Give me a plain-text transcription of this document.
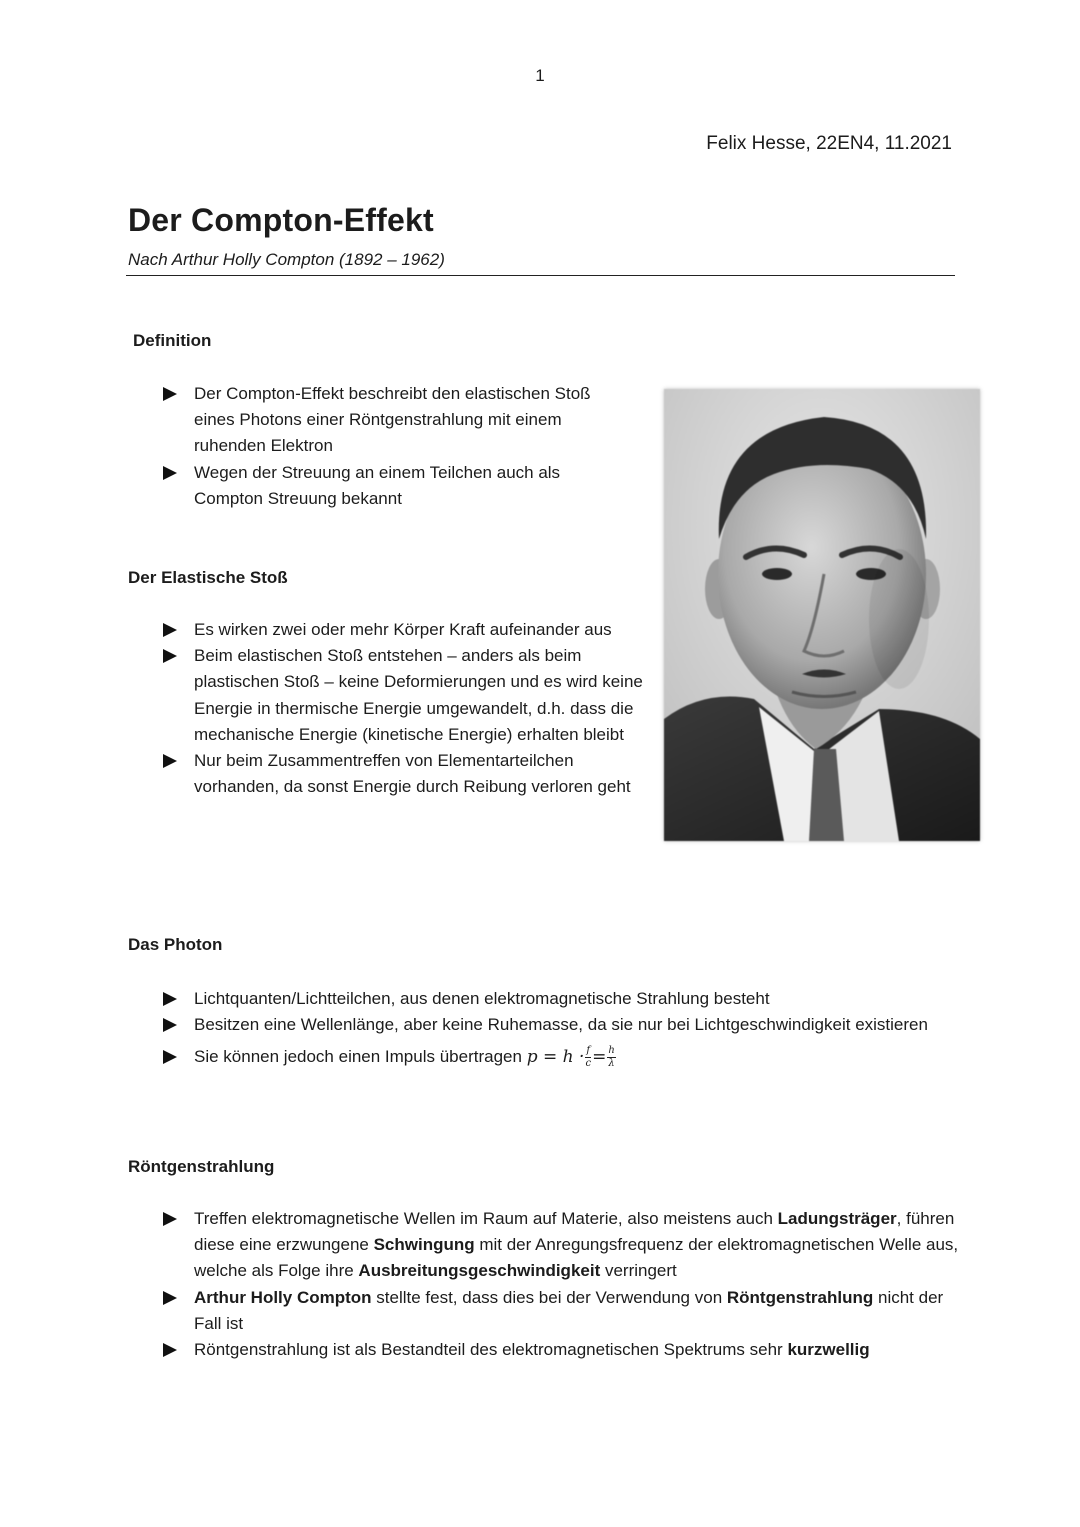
1
Felix Hesse, 22EN4, 11.2021
Der Compton-Effekt
Nach Arthur Holly Compton (1892 – 1962)
Definition
Der Compton-Effekt beschreibt den elastischen Stoß eines Photons einer Röntgenstrahlung mit einem ruhenden Elektron
Wegen der Streuung an einem Teilchen auch als Compton Streuung bekannt
Der Elastische Stoß
Es wirken zwei oder mehr Körper Kraft aufeinander aus
Beim elastischen Stoß entstehen – anders als beim plastischen Stoß – keine Deformierungen und es wird keine Energie in thermische Energie umgewandelt, d.h. dass die mechanische Energie (kinetische Energie) erhalten bleibt
Nur beim Zusammentreffen von Elementarteilchen vorhanden, da sonst Energie durch Reibung verloren geht
Das Photon
Lichtquanten/Lichtteilchen, aus denen elektromagnetische Strahlung besteht
Besitzen eine Wellenlänge, aber keine Ruhemasse, da sie nur bei Lichtgeschwindigkeit existieren
Sie können jedoch einen Impuls übertragen $p = h \cdot \frac{f}{c} = \frac{h}{\lambda}$
Röntgenstrahlung
Treffen elektromagnetische Wellen im Raum auf Materie, also meistens auch Ladungsträger, führen diese eine erzwungene Schwingung mit der Anregungsfrequenz der elektromagnetischen Welle aus, welche als Folge ihre Ausbreitungsgeschwindigkeit verringert
Arthur Holly Compton stellte fest, dass dies bei der Verwendung von Röntgenstrahlung nicht der Fall ist
Röntgenstrahlung ist als Bestandteil des elektromagnetischen Spektrums sehr kurzwellig
